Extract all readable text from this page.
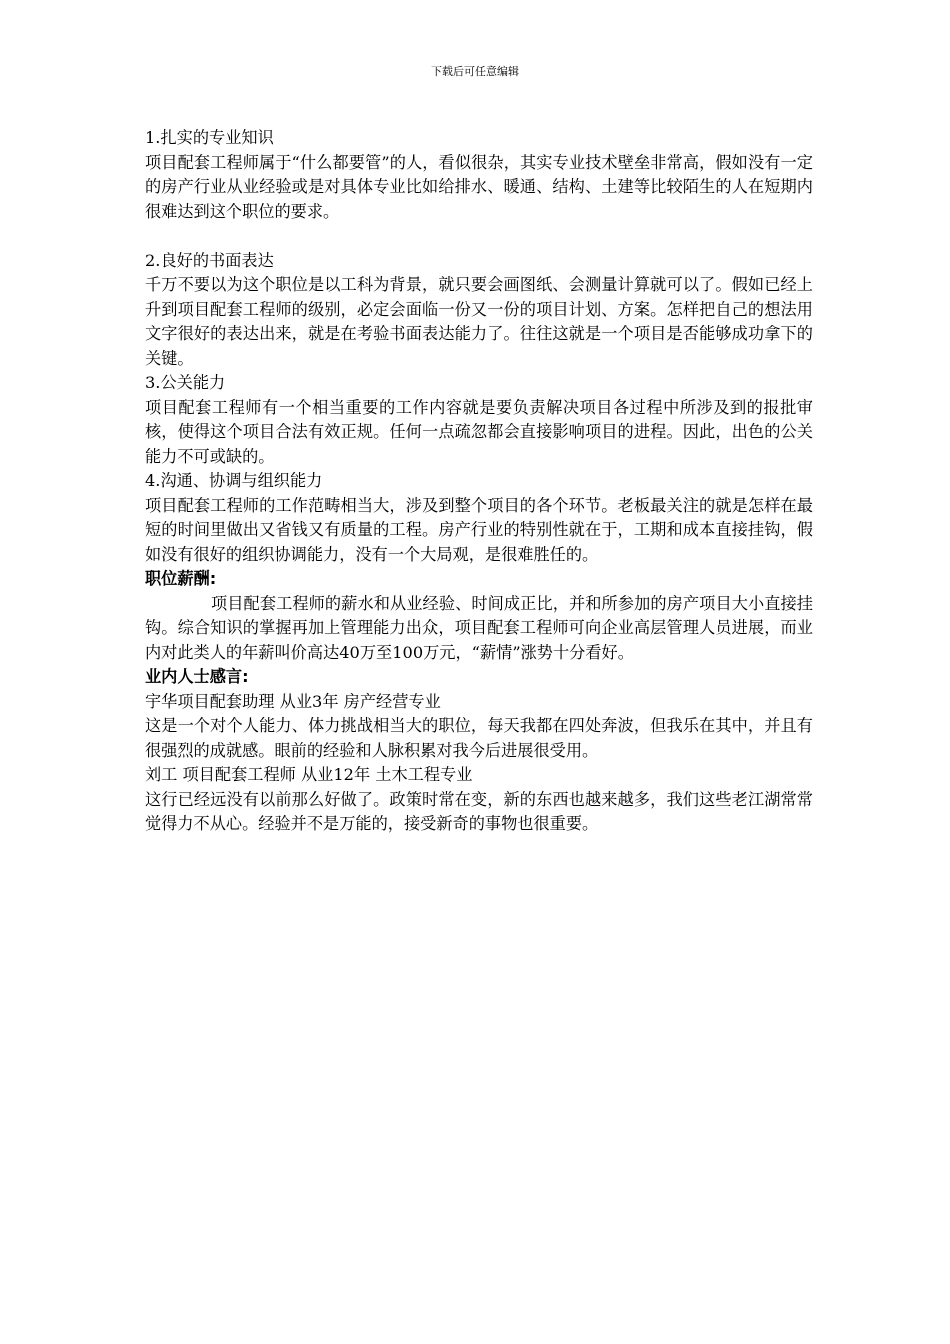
下载后可任意编辑

1.扎实的专业知识

项目配套工程师属于“什么都要管”的人，看似很杂，其实专业技术壁垒非常高，假如没有一定的房产行业从业经验或是对具体专业比如给排水、暖通、结构、土建等比较陌生的人在短期内很难达到这个职位的要求。

2.良好的书面表达

千万不要以为这个职位是以工科为背景，就只要会画图纸、会测量计算就可以了。假如已经上升到项目配套工程师的级别，必定会面临一份又一份的项目计划、方案。怎样把自己的想法用文字很好的表达出来，就是在考验书面表达能力了。往往这就是一个项目是否能够成功拿下的关键。

3.公关能力

项目配套工程师有一个相当重要的工作内容就是要负责解决项目各过程中所涉及到的报批审核，使得这个项目合法有效正规。任何一点疏忽都会直接影响项目的进程。因此，出色的公关能力不可或缺的。

4.沟通、协调与组织能力

项目配套工程师的工作范畴相当大，涉及到整个项目的各个环节。老板最关注的就是怎样在最短的时间里做出又省钱又有质量的工程。房产行业的特别性就在于，工期和成本直接挂钩，假如没有很好的组织协调能力，没有一个大局观，是很难胜任的。

职位薪酬:

项目配套工程师的薪水和从业经验、时间成正比，并和所参加的房产项目大小直接挂钩。综合知识的掌握再加上管理能力出众，项目配套工程师可向企业高层管理人员进展，而业内对此类人的年薪叫价高达40万至100万元，“薪情”涨势十分看好。

业内人士感言:

宇华项目配套助理 从业3年 房产经营专业

这是一个对个人能力、体力挑战相当大的职位，每天我都在四处奔波，但我乐在其中，并且有很强烈的成就感。眼前的经验和人脉积累对我今后进展很受用。

刘工 项目配套工程师 从业12年 土木工程专业

这行已经远没有以前那么好做了。政策时常在变，新的东西也越来越多，我们这些老江湖常常觉得力不从心。经验并不是万能的，接受新奇的事物也很重要。
